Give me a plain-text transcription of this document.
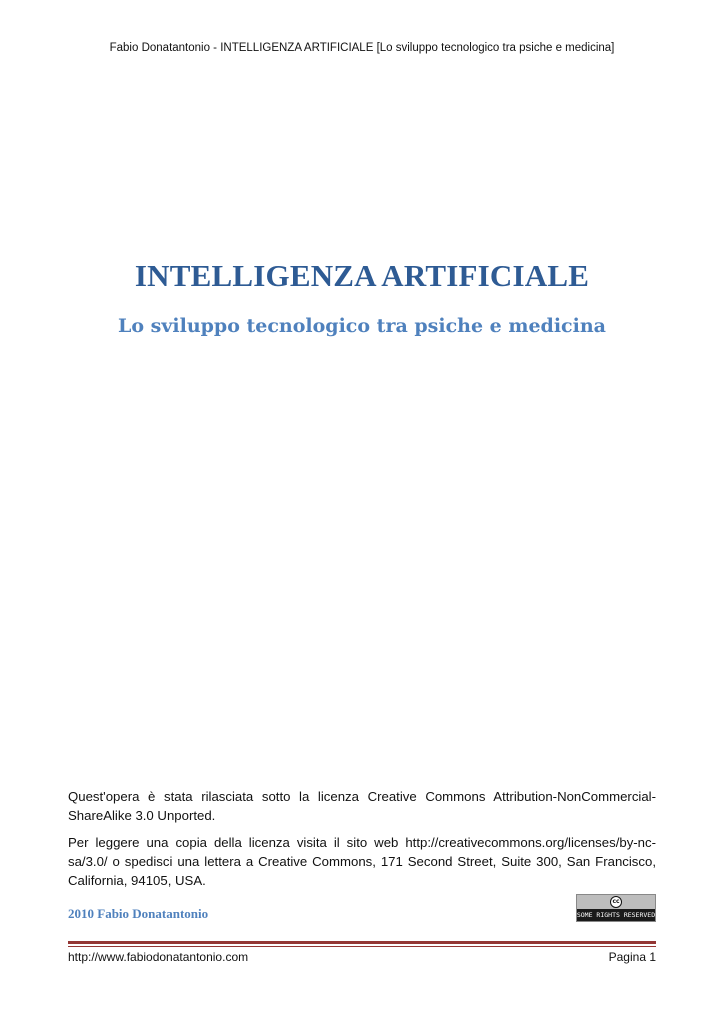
Fabio Donatantonio - INTELLIGENZA ARTIFICIALE [Lo sviluppo tecnologico tra psiche e medicina]
INTELLIGENZA ARTIFICIALE
Lo sviluppo tecnologico tra psiche e medicina

Quest'opera è stata rilasciata sotto la licenza Creative Commons Attribution-NonCommercial-ShareAlike 3.0 Unported.

Per leggere una copia della licenza visita il sito web http://creativecommons.org/licenses/by-nc-sa/3.0/ o spedisci una lettera a Creative Commons, 171 Second Street, Suite 300, San Francisco, California, 94105, USA.

2010 Fabio Donatantonio
cc
SOME RIGHTS RESERVED
http://www.fabiodonatantonio.com	Pagina 1
